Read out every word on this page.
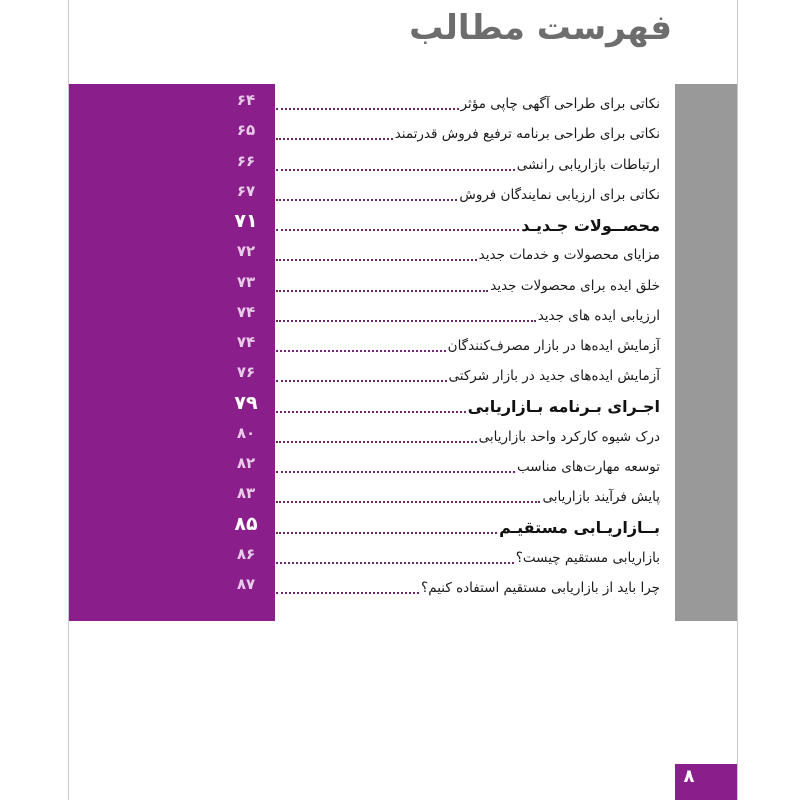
فهرست مطالب
۶۴	نکاتی برای طراحی آگهی چاپی مؤثر
۶۵	نکاتی برای طراحی برنامه ترفیع فروش قدرتمند
۶۶	ارتباطات بازاریابی رانشی
۶۷	نکاتی برای ارزیابی نمایندگان فروش
۷۱	محصــولات جـدیـد
۷۲	مزایای محصولات و خدمات جدید
۷۳	خلق ایده برای محصولات جدید
۷۴	ارزیابی ایده های جدید
۷۴	آزمایش ایده‌ها در بازار مصرف‌کنندگان
۷۶	آزمایش ایده‌های جدید در بازار شرکتی
۷۹	اجـرای بـرنامه بـازاریابی
۸۰	درک شیوه کارکرد واحد بازاریابی
۸۲	توسعه مهارت‌های مناسب
۸۳	پایش فرآیند بازاریابی
۸۵	بــازاریـابی مستقیـم
۸۶	بازاریابی مستقیم چیست؟
۸۷	چرا باید از بازاریابی مستقیم استفاده کنیم؟
۸
